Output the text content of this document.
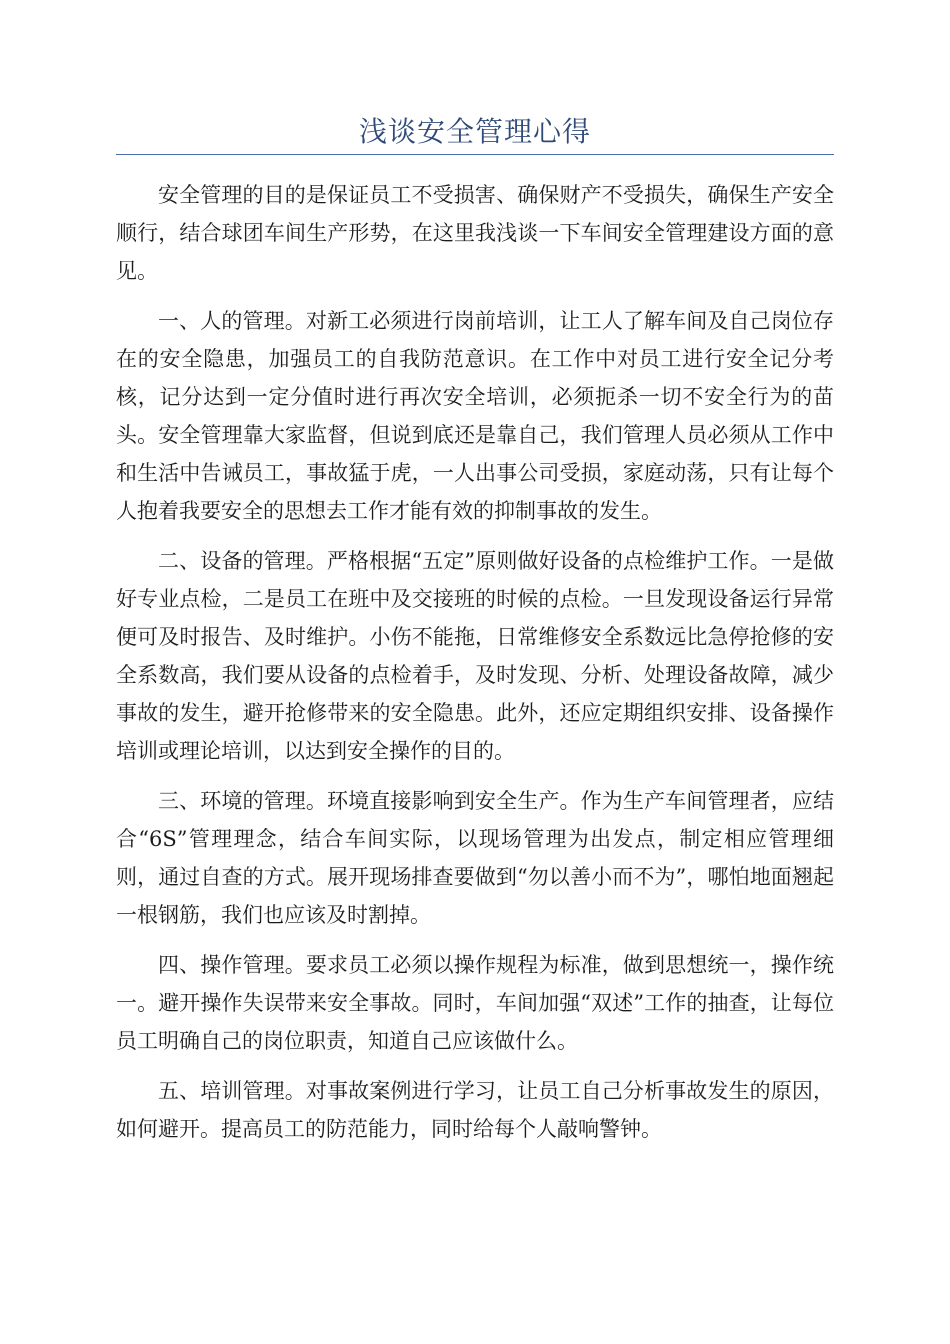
浅谈安全管理心得

安全管理的目的是保证员工不受损害、确保财产不受损失，确保生产安全顺行，结合球团车间生产形势，在这里我浅谈一下车间安全管理建设方面的意见。

一、人的管理。对新工必须进行岗前培训，让工人了解车间及自己岗位存在的安全隐患，加强员工的自我防范意识。在工作中对员工进行安全记分考核，记分达到一定分值时进行再次安全培训，必须扼杀一切不安全行为的苗头。安全管理靠大家监督，但说到底还是靠自己，我们管理人员必须从工作中和生活中告诫员工，事故猛于虎，一人出事公司受损，家庭动荡，只有让每个人抱着我要安全的思想去工作才能有效的抑制事故的发生。

二、设备的管理。严格根据“五定”原则做好设备的点检维护工作。一是做好专业点检，二是员工在班中及交接班的时候的点检。一旦发现设备运行异常便可及时报告、及时维护。小伤不能拖，日常维修安全系数远比急停抢修的安全系数高，我们要从设备的点检着手，及时发现、分析、处理设备故障，减少事故的发生，避开抢修带来的安全隐患。此外，还应定期组织安排、设备操作培训或理论培训，以达到安全操作的目的。

三、环境的管理。环境直接影响到安全生产。作为生产车间管理者，应结合“6S”管理理念，结合车间实际，以现场管理为出发点，制定相应管理细则，通过自查的方式。展开现场排查要做到“勿以善小而不为”，哪怕地面翘起一根钢筋，我们也应该及时割掉。

四、操作管理。要求员工必须以操作规程为标准，做到思想统一，操作统一。避开操作失误带来安全事故。同时，车间加强“双述”工作的抽查，让每位员工明确自己的岗位职责，知道自己应该做什么。

五、培训管理。对事故案例进行学习，让员工自己分析事故发生的原因，如何避开。提高员工的防范能力，同时给每个人敲响警钟。
